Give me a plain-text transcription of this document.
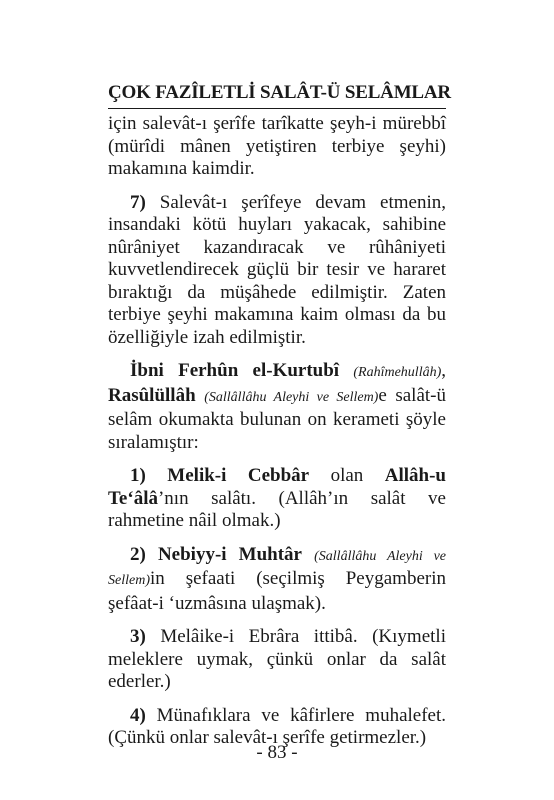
ÇOK FAZÎLETLİ SALÂT-Ü SELÂMLAR

için salevât-ı şerîfe tarîkatte şeyh-i mürebbî (mürîdi mânen yetiştiren terbiye şeyhi) makamına kaimdir.

7) Salevât-ı şerîfeye devam etmenin, insandaki kötü huyları yakacak, sahibine nûrâniyet kazandıracak ve rûhâniyeti kuvvetlendirecek güçlü bir tesir ve hararet bıraktığı da müşâhede edilmiştir. Zaten terbiye şeyhi makamına kaim olması da bu özelliğiyle izah edilmiştir.

İbni Ferhûn el-Kurtubî (Rahîmehullâh), Rasûlüllâh (Sallâllâhu Aleyhi ve Sellem)e salât-ü selâm okumakta bulunan on kerameti şöyle sıralamıştır:

1) Melik-i Cebbâr olan Allâh-u Te‘âlâ’nın salâtı. (Allâh’ın salât ve rahmetine nâil olmak.)

2) Nebiyy-i Muhtâr (Sallâllâhu Aleyhi ve Sellem)in şefaati (seçilmiş Peygamberin şefâat-i ‘uzmâsına ulaşmak).

3) Melâike-i Ebrâra ittibâ. (Kıymetli meleklere uymak, çünkü onlar da salât ederler.)

4) Münafıklara ve kâfirlere muhalefet. (Çünkü onlar salevât-ı şerîfe getirmezler.)

- 83 -
